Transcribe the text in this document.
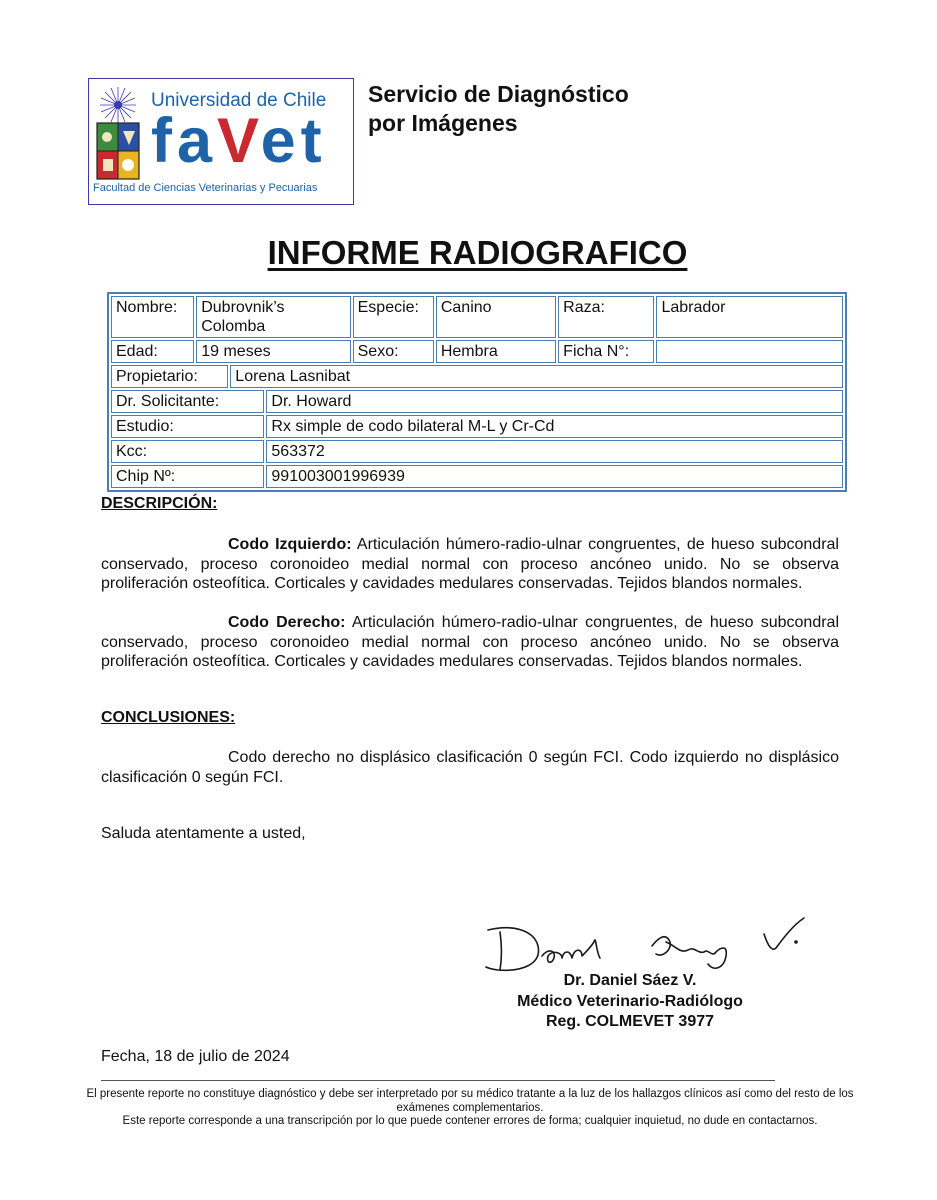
Universidad de Chile
faVet
Facultad de Ciencias Veterinarias y Pecuarias
Servicio de Diagnóstico
por Imágenes
INFORME RADIOGRAFICO
Nombre:	Dubrovnik’s Colomba			Especie:	Canino	Raza:	Labrador
Edad:	19 meses			Sexo:	Hembra	Ficha N°:	
Propietario:		Lorena Lasnibat					
Dr. Solicitante:			Dr. Howard				
Estudio:			Rx simple de codo bilateral M-L y Cr-Cd				
Kcc:			563372				
Chip Nº:			991003001996939				
DESCRIPCIÓN:
Codo Izquierdo: Articulación húmero-radio-ulnar congruentes, de hueso subcondral conservado, proceso coronoideo medial normal con proceso ancóneo unido. No se observa proliferación osteofítica. Corticales y cavidades medulares conservadas. Tejidos blandos normales.
Codo Derecho: Articulación húmero-radio-ulnar congruentes, de hueso subcondral conservado, proceso coronoideo medial normal con proceso ancóneo unido. No se observa proliferación osteofítica. Corticales y cavidades medulares conservadas. Tejidos blandos normales.
CONCLUSIONES:
Codo derecho no displásico clasificación 0 según FCI. Codo izquierdo no displásico clasificación 0 según FCI.
Saluda atentamente a usted,
Dr. Daniel Sáez V.
Médico Veterinario-Radiólogo
Reg. COLMEVET 3977
Fecha, 18 de julio de 2024
El presente reporte no constituye diagnóstico y debe ser interpretado por su médico tratante a la luz de los hallazgos clínicos así como del resto de los exámenes complementarios.
Este reporte corresponde a una transcripción por lo que puede contener errores de forma; cualquier inquietud, no dude en contactarnos.
